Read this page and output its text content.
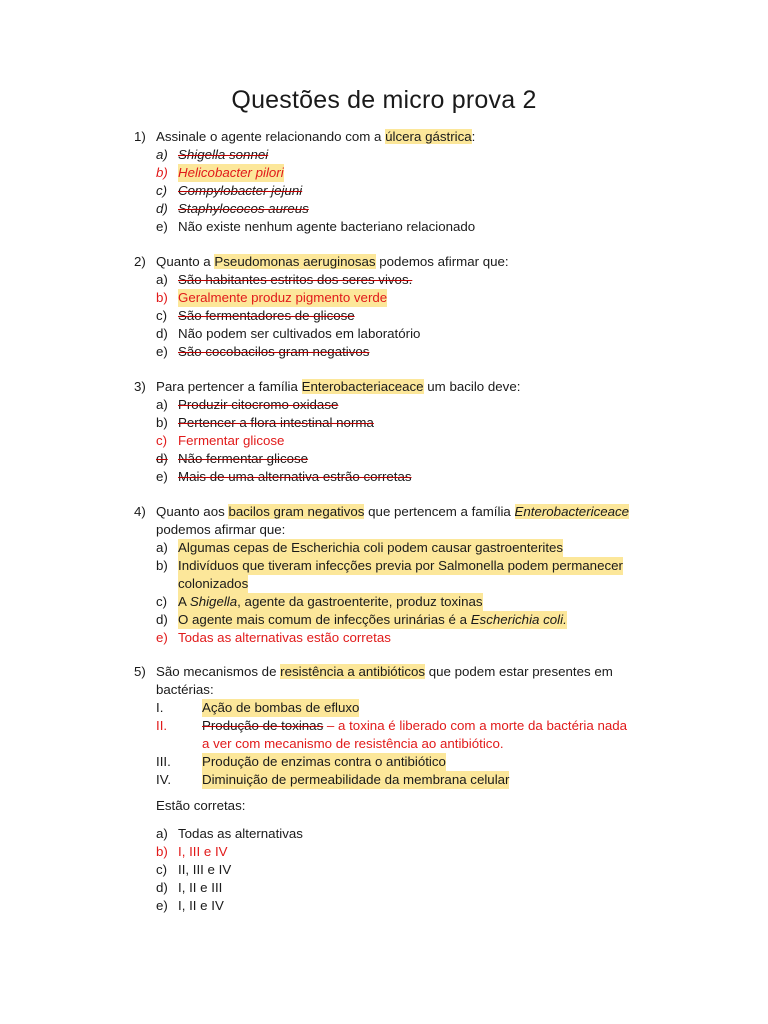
Questões de micro prova 2
1) Assinale o agente relacionando com a úlcera gástrica:
a) Shigella sonnei
b) Helicobacter pilori
c) Compylobacter jejuni
d) Staphylococos aureus
e) Não existe nenhum agente bacteriano relacionado
2) Quanto a Pseudomonas aeruginosas podemos afirmar que:
a) São habitantes estritos dos seres vivos.
b) Geralmente produz pigmento verde
c) São fermentadores de glicose
d) Não podem ser cultivados em laboratório
e) São cocobacilos gram negativos
3) Para pertencer a família Enterobacteriaceace um bacilo deve:
a) Produzir citocromo oxidase
b) Pertencer a flora intestinal norma
c) Fermentar glicose
d) Não fermentar glicose
e) Mais de uma alternativa estrão corretas
4) Quanto aos bacilos gram negativos que pertencem a família Enterobactericeace
podemos afirmar que:
a) Algumas cepas de Escherichia coli podem causar gastroenterites
b) Indivíduos que tiveram infecções previa por Salmonella podem permanecer
colonizados
c) A Shigella, agente da gastroenterite, produz toxinas
d) O agente mais comum de infecções urinárias é a Escherichia coli.
e) Todas as alternativas estão corretas
5) São mecanismos de resistência a antibióticos que podem estar presentes em
bactérias:
I.	Ação de bombas de efluxo
II.	Produção de toxinas – a toxina é liberado com a morte da bactéria nada
a ver com mecanismo de resistência ao antibiótico.
III.	Produção de enzimas contra o antibiótico
IV.	Diminuição de permeabilidade da membrana celular
Estão corretas:
a) Todas as alternativas
b) I, III e IV
c) II, III e IV
d) I, II e III
e) I, II e IV
